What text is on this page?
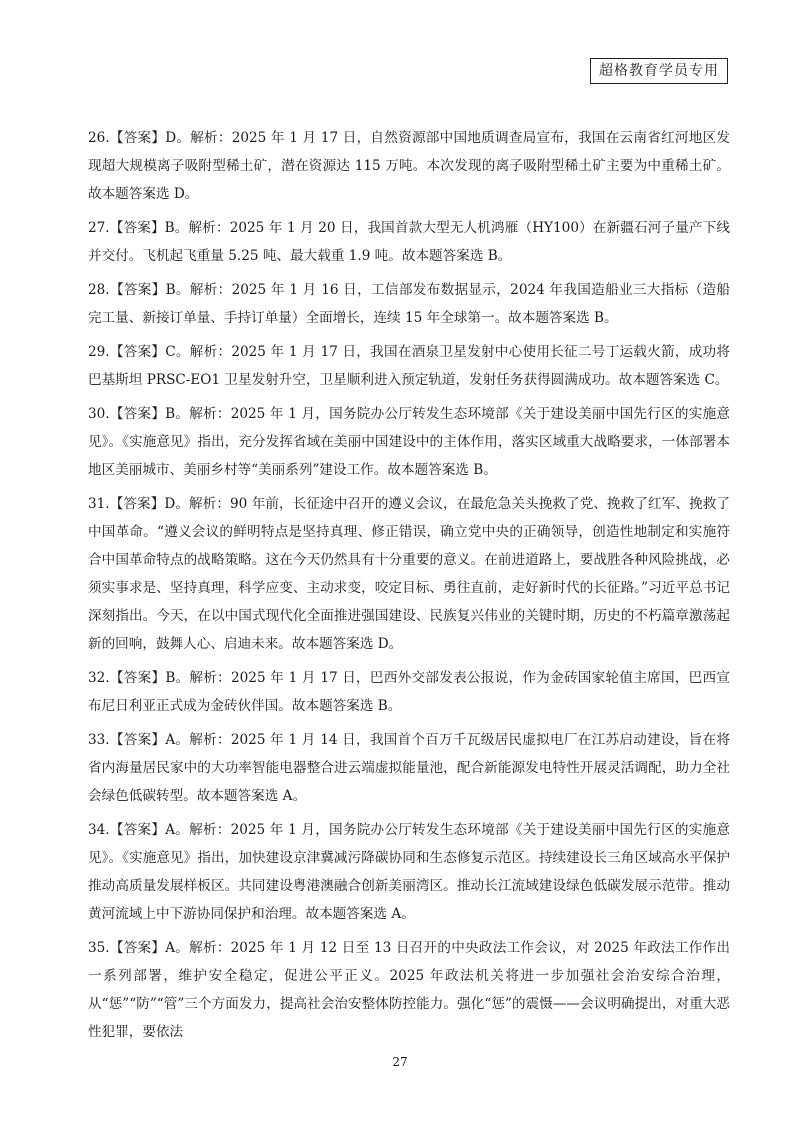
超格教育学员专用

26.【答案】D。解析：2025 年 1 月 17 日，自然资源部中国地质调查局宣布，我国在云南省红河地区发现超大规模离子吸附型稀土矿，潜在资源达 115 万吨。本次发现的离子吸附型稀土矿主要为中重稀土矿。故本题答案选 D。

27.【答案】B。解析：2025 年 1 月 20 日，我国首款大型无人机鸿雁（HY100）在新疆石河子量产下线并交付。飞机起飞重量 5.25 吨、最大载重 1.9 吨。故本题答案选 B。

28.【答案】B。解析：2025 年 1 月 16 日，工信部发布数据显示，2024 年我国造船业三大指标（造船完工量、新接订单量、手持订单量）全面增长，连续 15 年全球第一。故本题答案选 B。

29.【答案】C。解析：2025 年 1 月 17 日，我国在酒泉卫星发射中心使用长征二号丁运载火箭，成功将巴基斯坦 PRSC-EO1 卫星发射升空，卫星顺利进入预定轨道，发射任务获得圆满成功。故本题答案选 C。

30.【答案】B。解析：2025 年 1 月，国务院办公厅转发生态环境部《关于建设美丽中国先行区的实施意见》。《实施意见》指出，充分发挥省域在美丽中国建设中的主体作用，落实区域重大战略要求，一体部署本地区美丽城市、美丽乡村等“美丽系列”建设工作。故本题答案选 B。

31.【答案】D。解析：90 年前，长征途中召开的遵义会议，在最危急关头挽救了党、挽救了红军、挽救了中国革命。“遵义会议的鲜明特点是坚持真理、修正错误，确立党中央的正确领导，创造性地制定和实施符合中国革命特点的战略策略。这在今天仍然具有十分重要的意义。在前进道路上，要战胜各种风险挑战，必须实事求是、坚持真理，科学应变、主动求变，咬定目标、勇往直前，走好新时代的长征路。”习近平总书记深刻指出。今天，在以中国式现代化全面推进强国建设、民族复兴伟业的关键时期，历史的不朽篇章激荡起新的回响，鼓舞人心、启迪未来。故本题答案选 D。

32.【答案】B。解析：2025 年 1 月 17 日，巴西外交部发表公报说，作为金砖国家轮值主席国，巴西宣布尼日利亚正式成为金砖伙伴国。故本题答案选 B。

33.【答案】A。解析：2025 年 1 月 14 日，我国首个百万千瓦级居民虚拟电厂在江苏启动建设，旨在将省内海量居民家中的大功率智能电器整合进云端虚拟能量池，配合新能源发电特性开展灵活调配，助力全社会绿色低碳转型。故本题答案选 A。

34.【答案】A。解析：2025 年 1 月，国务院办公厅转发生态环境部《关于建设美丽中国先行区的实施意见》。《实施意见》指出，加快建设京津冀减污降碳协同和生态修复示范区。持续建设长三角区域高水平保护推动高质量发展样板区。共同建设粤港澳融合创新美丽湾区。推动长江流域建设绿色低碳发展示范带。推动黄河流域上中下游协同保护和治理。故本题答案选 A。

35.【答案】A。解析：2025 年 1 月 12 日至 13 日召开的中央政法工作会议，对 2025 年政法工作作出一系列部署，维护安全稳定，促进公平正义。2025 年政法机关将进一步加强社会治安综合治理，从“惩”“防”“管”三个方面发力，提高社会治安整体防控能力。强化“惩”的震慑——会议明确提出，对重大恶性犯罪，要依法

27
